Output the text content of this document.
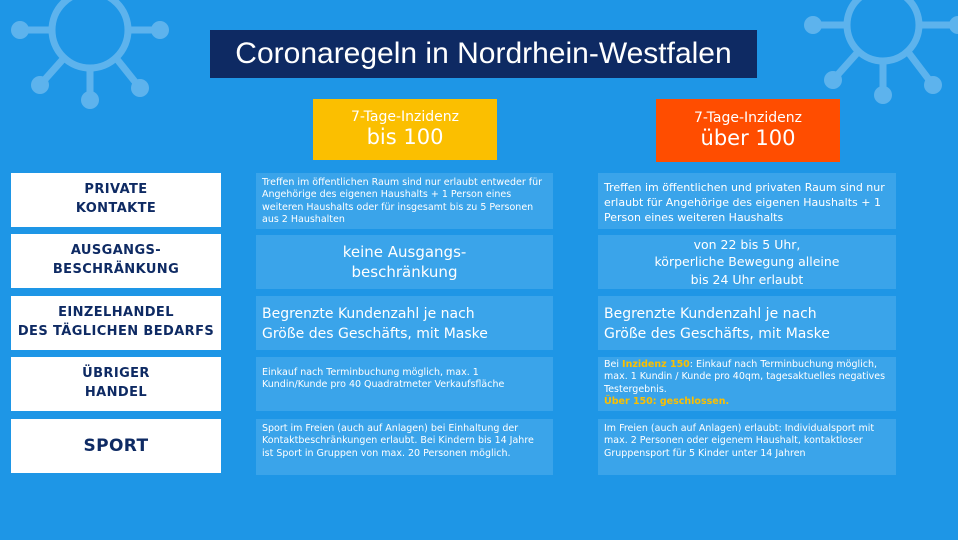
Coronaregeln in Nordrhein-Westfalen
7-Tage-Inzidenz
bis 100
7-Tage-Inzidenz
über 100
PRIVATE
KONTAKTE
AUSGANGS-
BESCHRÄNKUNG
EINZELHANDEL
DES TÄGLICHEN BEDARFS
ÜBRIGER
HANDEL
SPORT
Treffen im öffentlichen Raum sind nur erlaubt entweder für Angehörige des eigenen Haushalts + 1 Person eines weiteren Haushalts oder für insgesamt bis zu 5 Personen aus 2 Haushalten
Treffen im öffentlichen und privaten Raum sind nur erlaubt für Angehörige des eigenen Haushalts + 1 Person eines weiteren Haushalts
keine Ausgangs-
beschränkung
von 22 bis 5 Uhr,
körperliche Bewegung alleine
bis 24 Uhr erlaubt
Begrenzte Kundenzahl je nach
Größe des Geschäfts, mit Maske
Begrenzte Kundenzahl je nach
Größe des Geschäfts, mit Maske
Einkauf nach Terminbuchung möglich, max. 1 Kundin/Kunde pro 40 Quadratmeter Verkaufsfläche
Bei Inzidenz 150: Einkauf nach Terminbuchung möglich, max. 1 Kundin / Kunde pro 40qm, tagesaktuelles negatives Testergebnis.
Über 150: geschlossen.
Sport im Freien (auch auf Anlagen) bei Einhaltung der Kontaktbeschränkungen erlaubt. Bei Kindern bis 14 Jahre ist Sport in Gruppen von max. 20 Personen möglich.
Im Freien (auch auf Anlagen) erlaubt: Individualsport mit max. 2 Personen oder eigenem Haushalt, kontaktloser Gruppensport für 5 Kinder unter 14 Jahren
